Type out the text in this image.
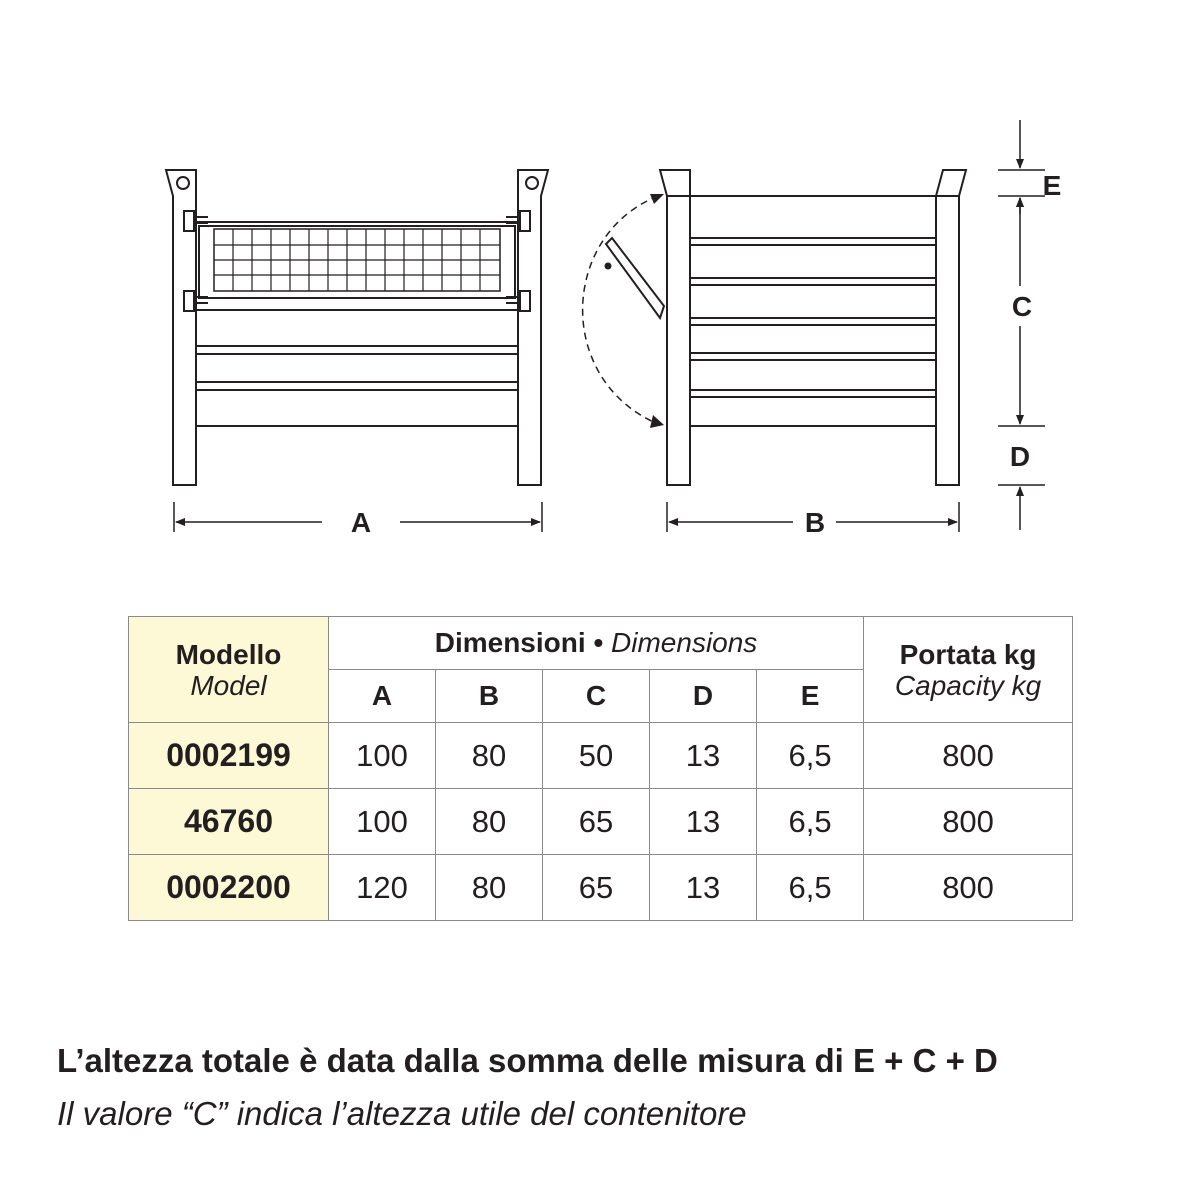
A	B
E
C
D
Modello
Model	Dimensioni • Dimensions					Portata kg
Capacity kg

	A	B	C	D	E	
0002199	100	80	50	13	6,5	800
46760	100	80	65	13	6,5	800
0002200	120	80	65	13	6,5	800

L’altezza totale è data dalla somma delle misura di E + C + D

Il valore “C” indica l’altezza utile del contenitore
